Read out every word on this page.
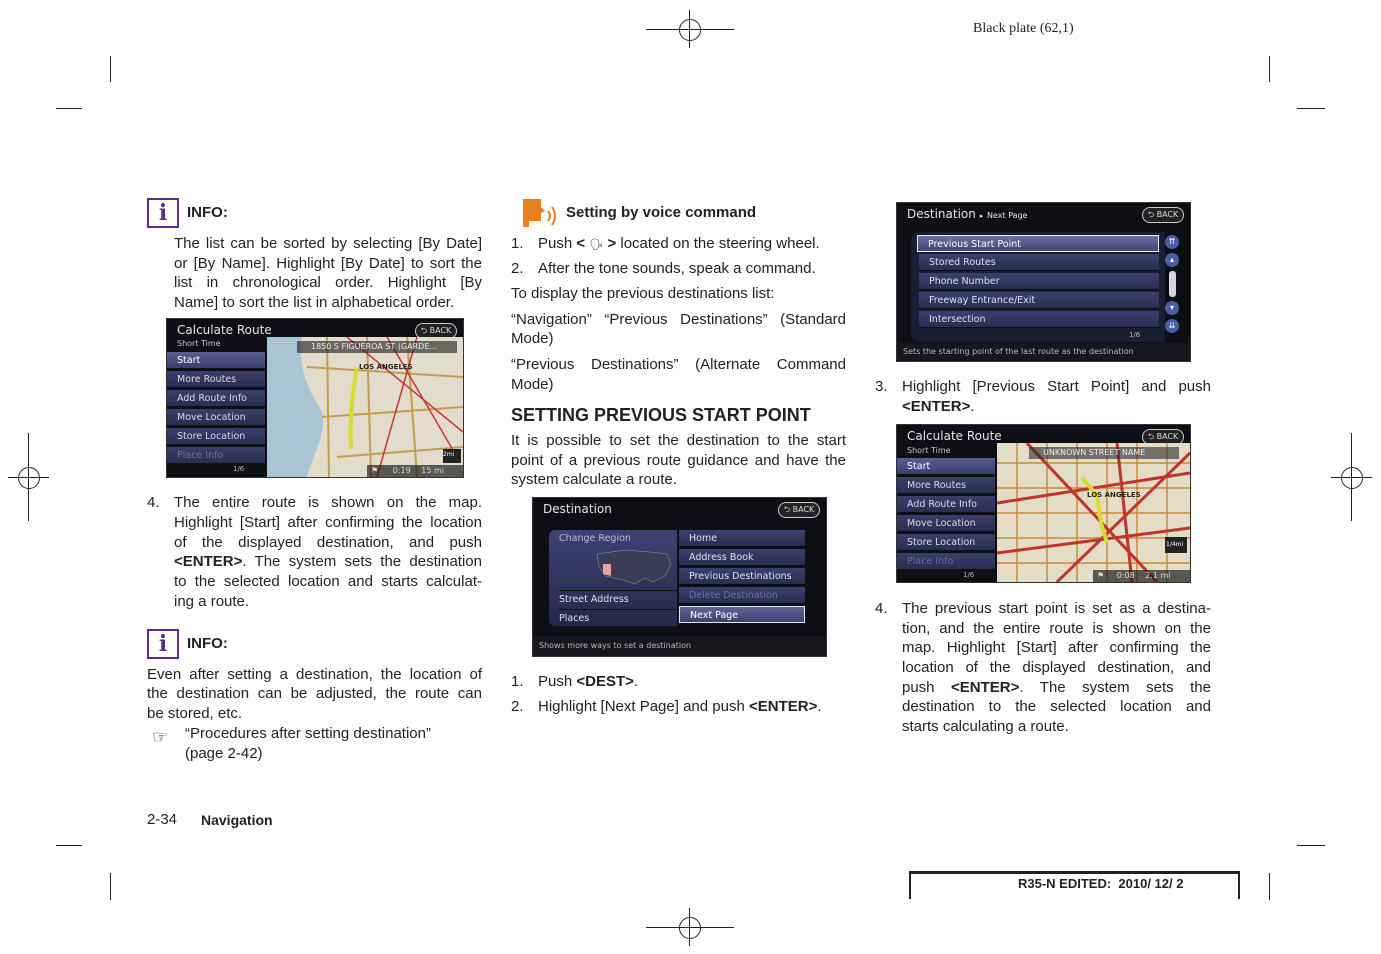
Black plate (62,1)
i	INFO:
The list can be sorted by selecting [By Date]
or [By Name]. Highlight [By Date] to sort the
list in chronological order. Highlight [By
Name] to sort the list in alphabetical order.
Calculate Route	⮌ BACK
Short Time	1850 S FIGUEROA ST (GARDE...
LOS ANGELES
2mi
⚑ 0:19 15 mi
Start
More Routes
Add Route Info
Move Location
Store Location
Place Info
1/6
4. The entire route is shown on the map.
Highlight [Start] after confirming the location
of the displayed destination, and push
<ENTER>. The system sets the destination
to the selected location and starts calculat-
ing a route.
i	INFO:
Even after setting a destination, the location of
the destination can be adjusted, the route can
be stored, etc.
☞ “Procedures after setting destination”
(page 2-42)
2-34 Navigation
Setting by voice command
1. Push < 🗣 > located on the steering wheel.
2. After the tone sounds, speak a command.
To display the previous destinations list:
“Navigation” “Previous Destinations” (Standard
Mode)
“Previous Destinations” (Alternate Command
Mode)
SETTING PREVIOUS START POINT
It is possible to set the destination to the start
point of a previous route guidance and have the
system calculate a route.
Destination	⮌ BACK
Change Region
Street Address
Places
Home
Address Book
Previous Destinations
Delete Destination
Next Page
Shows more ways to set a destination
1. Push <DEST>.
2. Highlight [Next Page] and push <ENTER>.
Destination ▸ Next Page	⮌ BACK
Previous Start Point
Stored Routes
Phone Number
Freeway Entrance/Exit
Intersection
1/6
⇈
▴
▾
⇊
Sets the starting point of the last route as the destination
3. Highlight [Previous Start Point] and push
<ENTER>.
Calculate Route	⮌ BACK
Short Time	UNKNOWN STREET NAME
LOS ANGELES
1/4mi
⚑ 0:08 2.1 mi
Start
More Routes
Add Route Info
Move Location
Store Location
Place Info
1/6
4. The previous start point is set as a destina-
tion, and the entire route is shown on the
map. Highlight [Start] after confirming the
location of the displayed destination, and
push <ENTER>. The system sets the
destination to the selected location and
starts calculating a route.
R35-N EDITED:  2010/ 12/ 2
